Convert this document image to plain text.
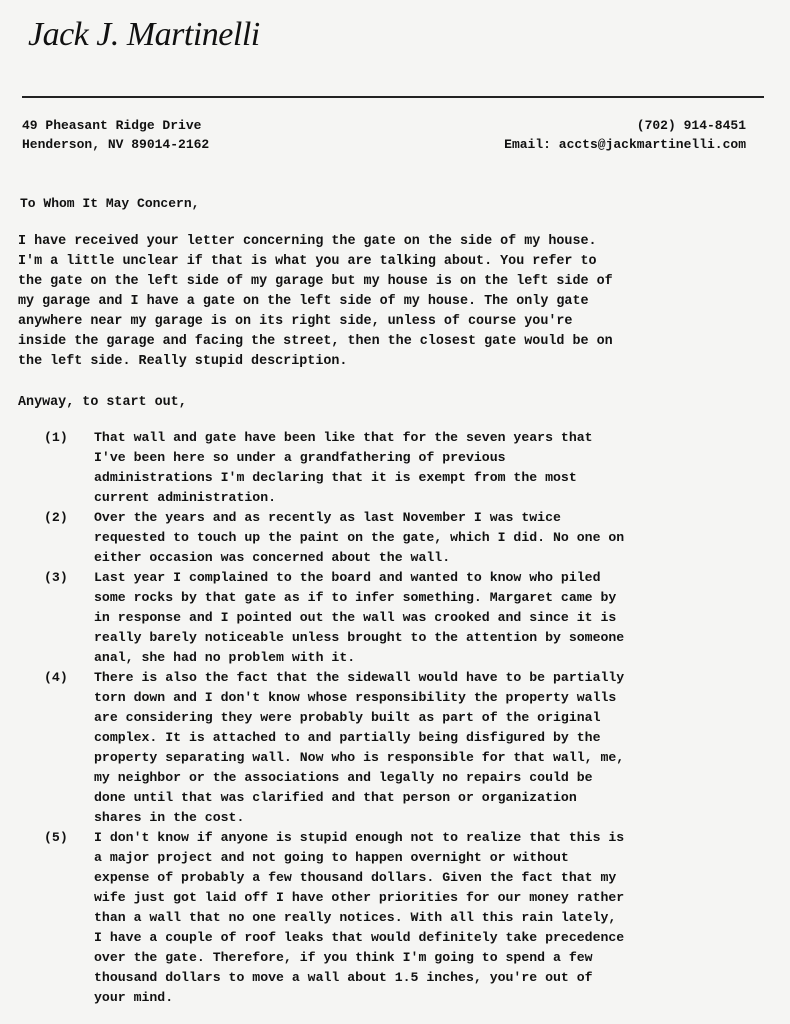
Jack J. Martinelli
49 Pheasant Ridge Drive
Henderson, NV 89014-2162
(702) 914-8451
Email: accts@jackmartinelli.com
To Whom It May Concern,
I have received your letter concerning the gate on the side of my house.
I'm a little unclear if that is what you are talking about. You refer to
the gate on the left side of my garage but my house is on the left side of
my garage and I have a gate on the left side of my house. The only gate
anywhere near my garage is on its right side, unless of course you're
inside the garage and facing the street, then the closest gate would be on
the left side. Really stupid description.
Anyway, to start out,
(1)	That wall and gate have been like that for the seven years that
I've been here so under a grandfathering of previous
administrations I'm declaring that it is exempt from the most
current administration.
(2)	Over the years and as recently as last November I was twice
requested to touch up the paint on the gate, which I did. No one on
either occasion was concerned about the wall.
(3)	Last year I complained to the board and wanted to know who piled
some rocks by that gate as if to infer something. Margaret came by
in response and I pointed out the wall was crooked and since it is
really barely noticeable unless brought to the attention by someone
anal, she had no problem with it.
(4)	There is also the fact that the sidewall would have to be partially
torn down and I don't know whose responsibility the property walls
are considering they were probably built as part of the original
complex. It is attached to and partially being disfigured by the
property separating wall. Now who is responsible for that wall, me,
my neighbor or the associations and legally no repairs could be
done until that was clarified and that person or organization
shares in the cost.
(5)	I don't know if anyone is stupid enough not to realize that this is
a major project and not going to happen overnight or without
expense of probably a few thousand dollars. Given the fact that my
wife just got laid off I have other priorities for our money rather
than a wall that no one really notices. With all this rain lately,
I have a couple of roof leaks that would definitely take precedence
over the gate. Therefore, if you think I'm going to spend a few
thousand dollars to move a wall about 1.5 inches, you're out of
your mind.
